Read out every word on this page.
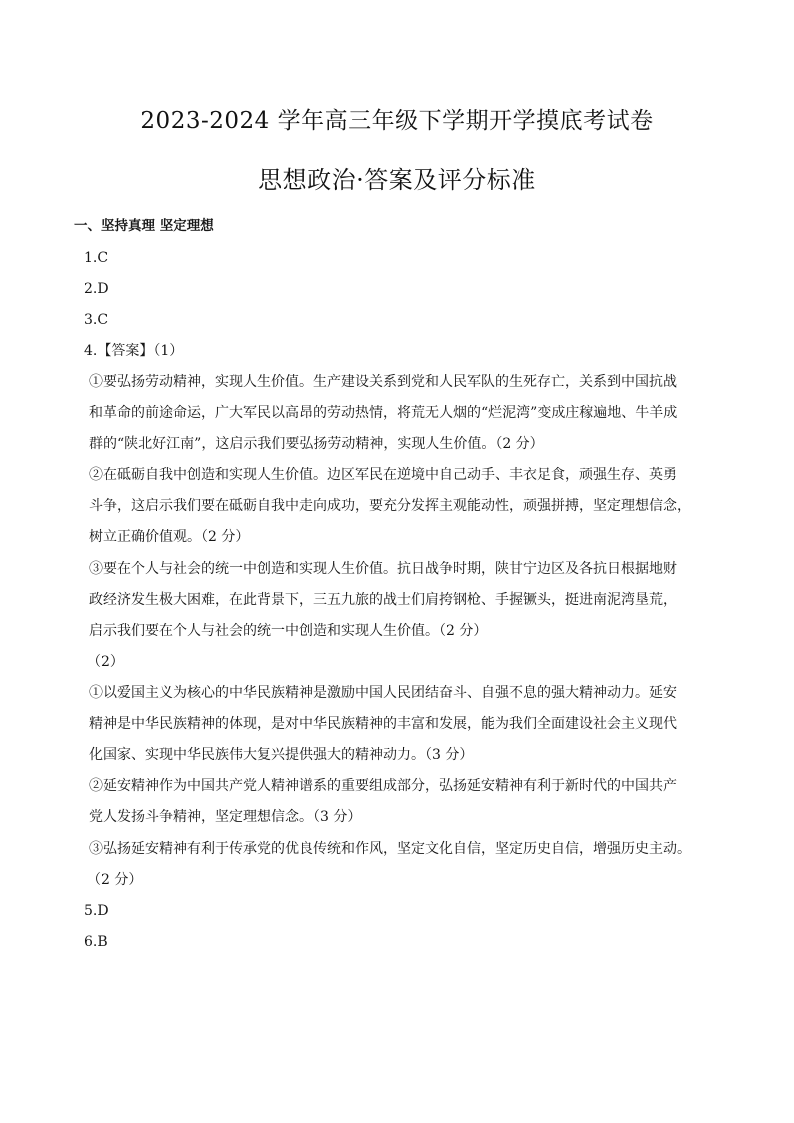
2023-2024 学年高三年级下学期开学摸底考试卷
思想政治·答案及评分标准
一、坚持真理 坚定理想
1.C
2.D
3.C
4.【答案】（1）
①要弘扬劳动精神，实现人生价值。生产建设关系到党和人民军队的生死存亡，关系到中国抗战
和革命的前途命运，广大军民以高昂的劳动热情，将荒无人烟的“烂泥湾”变成庄稼遍地、牛羊成
群的“陕北好江南”，这启示我们要弘扬劳动精神，实现人生价值。（2 分）
②在砥砺自我中创造和实现人生价值。边区军民在逆境中自己动手、丰衣足食，顽强生存、英勇
斗争，这启示我们要在砥砺自我中走向成功，要充分发挥主观能动性，顽强拼搏，坚定理想信念，
树立正确价值观。（2 分）
③要在个人与社会的统一中创造和实现人生价值。抗日战争时期，陕甘宁边区及各抗日根据地财
政经济发生极大困难，在此背景下，三五九旅的战士们肩挎钢枪、手握镢头，挺进南泥湾垦荒，
启示我们要在个人与社会的统一中创造和实现人生价值。（2 分）
（2）
①以爱国主义为核心的中华民族精神是激励中国人民团结奋斗、自强不息的强大精神动力。延安
精神是中华民族精神的体现，是对中华民族精神的丰富和发展，能为我们全面建设社会主义现代
化国家、实现中华民族伟大复兴提供强大的精神动力。（3 分）
②延安精神作为中国共产党人精神谱系的重要组成部分，弘扬延安精神有利于新时代的中国共产
党人发扬斗争精神，坚定理想信念。（3 分）
③弘扬延安精神有利于传承党的优良传统和作风，坚定文化自信，坚定历史自信，增强历史主动。
（2 分）
5.D
6.B
